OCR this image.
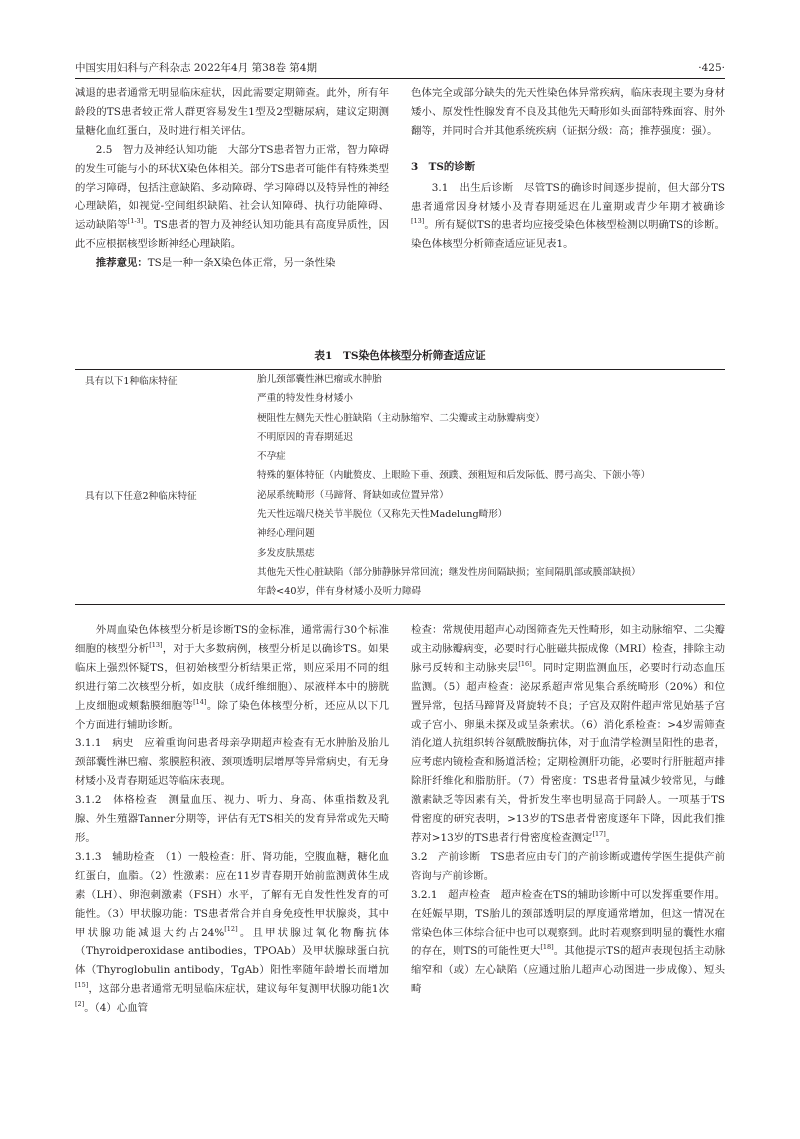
中国实用妇科与产科杂志 2022年4月 第38卷 第4期	·425·

减退的患者通常无明显临床症状，因此需要定期筛查。此外，所有年龄段的TS患者较正常人群更容易发生1型及2型糖尿病，建议定期测量糖化血红蛋白，及时进行相关评估。

2.5　智力及神经认知功能　大部分TS患者智力正常，智力障碍的发生可能与小的环状X染色体相关。部分TS患者可能伴有特殊类型的学习障碍，包括注意缺陷、多动障碍、学习障碍以及特异性的神经心理缺陷，如视觉-空间组织缺陷、社会认知障碍、执行功能障碍、运动缺陷等[1-3]。TS患者的智力及神经认知功能具有高度异质性，因此不应根据核型诊断神经心理缺陷。

推荐意见：TS是一种一条X染色体正常，另一条性染

色体完全或部分缺失的先天性染色体异常疾病，临床表现主要为身材矮小、原发性性腺发育不良及其他先天畸形如头面部特殊面容、肘外翻等，并同时合并其他系统疾病（证据分级：高；推荐强度：强）。

3　TS的诊断

3.1　出生后诊断　尽管TS的确诊时间逐步提前，但大部分TS患者通常因身材矮小及青春期延迟在儿童期或青少年期才被确诊[13]。所有疑似TS的患者均应接受染色体核型检测以明确TS的诊断。染色体核型分析筛查适应证见表1。

表1　TS染色体核型分析筛查适应证
具有以下1种临床特征
具有以下任意2种临床特征
胎儿颈部囊性淋巴瘤或水肿胎
严重的特发性身材矮小
梗阻性左侧先天性心脏缺陷（主动脉缩窄、二尖瓣或主动脉瓣病变）
不明原因的青春期延迟
不孕症
特殊的躯体特征（内眦赘皮、上眼睑下垂、颈蹼、颈粗短和后发际低、腭弓高尖、下颌小等）
泌尿系统畸形（马蹄肾、肾缺如或位置异常）
先天性远端尺桡关节半脱位（又称先天性Madelung畸形）
神经心理问题
多发皮肤黑痣
其他先天性心脏缺陷（部分肺静脉异常回流；继发性房间隔缺损；室间隔肌部或膜部缺损）
年龄<40岁，伴有身材矮小及听力障碍

外周血染色体核型分析是诊断TS的金标准，通常需行30个标准细胞的核型分析[13]，对于大多数病例，核型分析足以确诊TS。如果临床上强烈怀疑TS，但初始核型分析结果正常，则应采用不同的组织进行第二次核型分析，如皮肤（成纤维细胞）、尿液样本中的膀胱上皮细胞或颊黏膜细胞等[14]。除了染色体核型分析，还应从以下几个方面进行辅助诊断。

3.1.1　病史　应着重询问患者母亲孕期超声检查有无水肿胎及胎儿颈部囊性淋巴瘤、浆膜腔积液、颈项透明层增厚等异常病史，有无身材矮小及青春期延迟等临床表现。

3.1.2　体格检查　测量血压、视力、听力、身高、体重指数及乳腺、外生殖器Tanner分期等，评估有无TS相关的发育异常或先天畸形。

3.1.3　辅助检查　（1）一般检查：肝、肾功能，空腹血糖，糖化血红蛋白，血脂。（2）性激素：应在11岁青春期开始前监测黄体生成素（LH）、卵泡刺激素（FSH）水平，了解有无自发性性发育的可能性。（3）甲状腺功能：TS患者常合并自身免疫性甲状腺炎，其中甲状腺功能减退大约占24%[12]。且甲状腺过氧化物酶抗体（Thyroidperoxidase antibodies，TPOAb）及甲状腺球蛋白抗体（Thyroglobulin antibody，TgAb）阳性率随年龄增长而增加[15]，这部分患者通常无明显临床症状，建议每年复测甲状腺功能1次[2]。（4）心血管

检查：常规使用超声心动图筛查先天性畸形，如主动脉缩窄、二尖瓣或主动脉瓣病变，必要时行心脏磁共振成像（MRI）检查，排除主动脉弓反转和主动脉夹层[16]。同时定期监测血压，必要时行动态血压监测。（5）超声检查：泌尿系超声常见集合系统畸形（20%）和位置异常，包括马蹄肾及肾旋转不良；子宫及双附件超声常见始基子宫或子宫小、卵巢未探及或呈条索状。（6）消化系检查：>4岁需筛查消化道人抗组织转谷氨酰胺酶抗体，对于血清学检测呈阳性的患者，应考虑内镜检查和肠道活检；定期检测肝功能，必要时行肝脏超声排除肝纤维化和脂肪肝。（7）骨密度：TS患者骨量减少较常见，与雌激素缺乏等因素有关，骨折发生率也明显高于同龄人。一项基于TS骨密度的研究表明，>13岁的TS患者骨密度逐年下降，因此我们推荐对>13岁的TS患者行骨密度检查测定[17]。

3.2　产前诊断　TS患者应由专门的产前诊断或遗传学医生提供产前咨询与产前诊断。

3.2.1　超声检查　超声检查在TS的辅助诊断中可以发挥重要作用。在妊娠早期，TS胎儿的颈部透明层的厚度通常增加，但这一情况在常染色体三体综合征中也可以观察到。此时若观察到明显的囊性水瘤的存在，则TS的可能性更大[18]。其他提示TS的超声表现包括主动脉缩窄和（或）左心缺陷（应通过胎儿超声心动图进一步成像）、短头畸
